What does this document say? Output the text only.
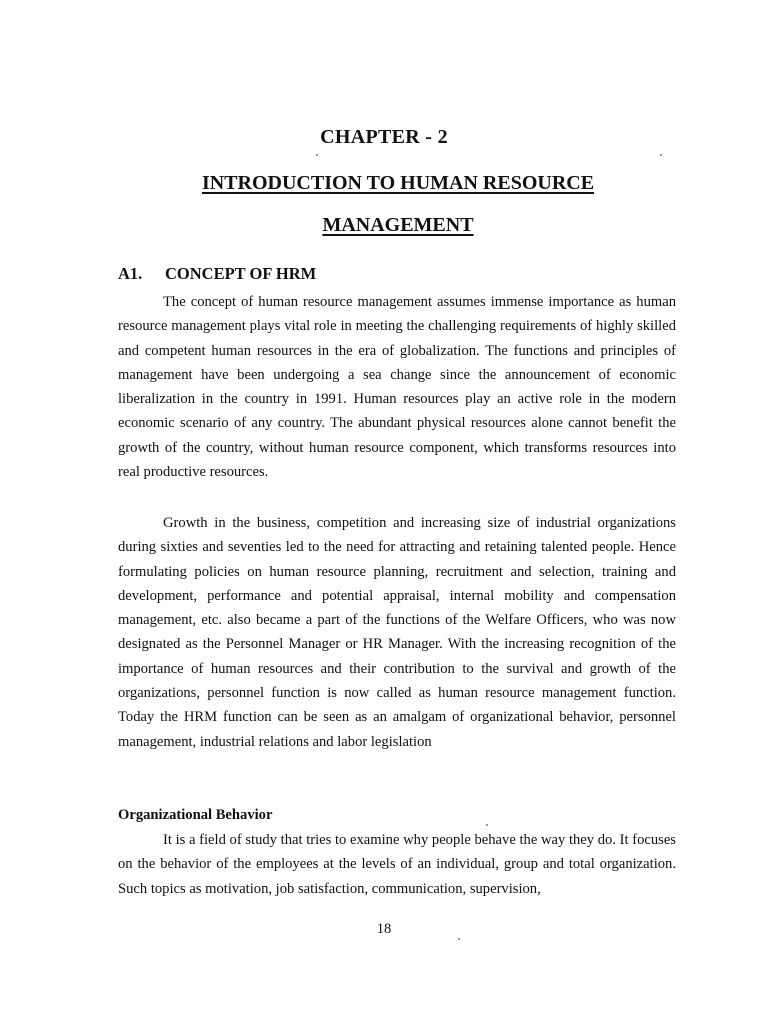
CHAPTER - 2
INTRODUCTION TO HUMAN RESOURCE
MANAGEMENT
A1. CONCEPT OF HRM

The concept of human resource management assumes immense importance as human resource management plays vital role in meeting the challenging requirements of highly skilled and competent human resources in the era of globalization. The functions and principles of management have been undergoing a sea change since the announcement of economic liberalization in the country in 1991. Human resources play an active role in the modern economic scenario of any country. The abundant physical resources alone cannot benefit the growth of the country, without human resource component, which transforms resources into real productive resources.

Growth in the business, competition and increasing size of industrial organizations during sixties and seventies led to the need for attracting and retaining talented people. Hence formulating policies on human resource planning, recruitment and selection, training and development, performance and potential appraisal, internal mobility and compensation management, etc. also became a part of the functions of the Welfare Officers, who was now designated as the Personnel Manager or HR Manager. With the increasing recognition of the importance of human resources and their contribution to the survival and growth of the organizations, personnel function is now called as human resource management function. Today the HRM function can be seen as an amalgam of organizational behavior, personnel management, industrial relations and labor legislation

Organizational Behavior

It is a field of study that tries to examine why people behave the way they do. It focuses on the behavior of the employees at the levels of an individual, group and total organization. Such topics as motivation, job satisfaction, communication, supervision,

18
